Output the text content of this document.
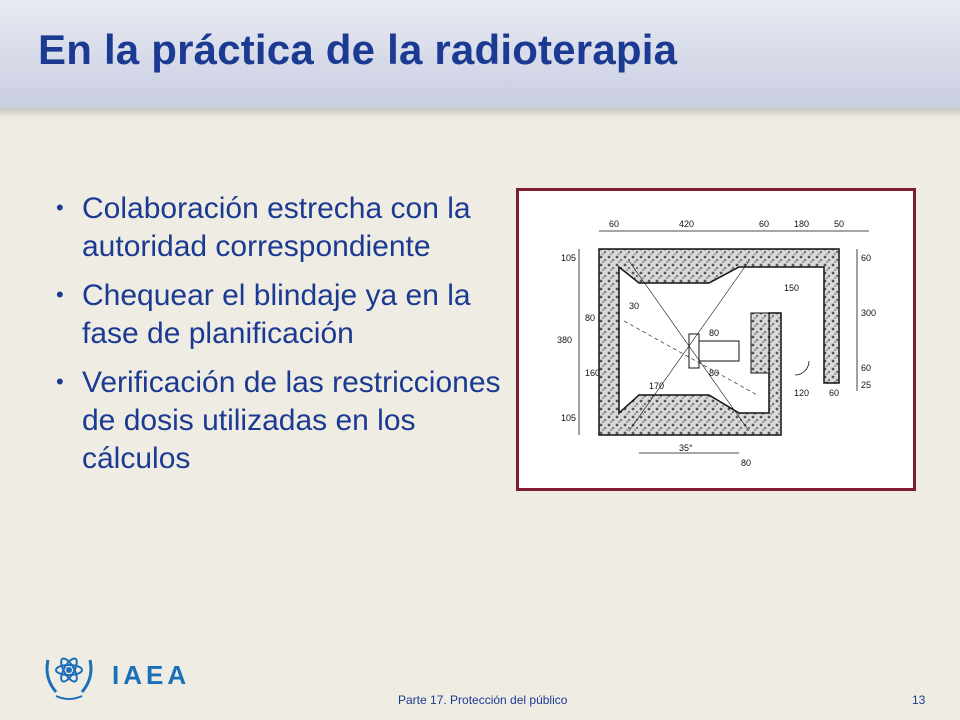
En la práctica de la radioterapia
• Colaboración estrecha con la autoridad correspondiente
• Chequear el blindaje ya en la fase de planificación
• Verificación de las restricciones de dosis utilizadas en los cálculos
60	420	60	180	50
105
380
80
160
105
30
80
80
170
150
60
300
60
25
120 60
80
35°
IAEA
Parte 17. Protección del público	13
